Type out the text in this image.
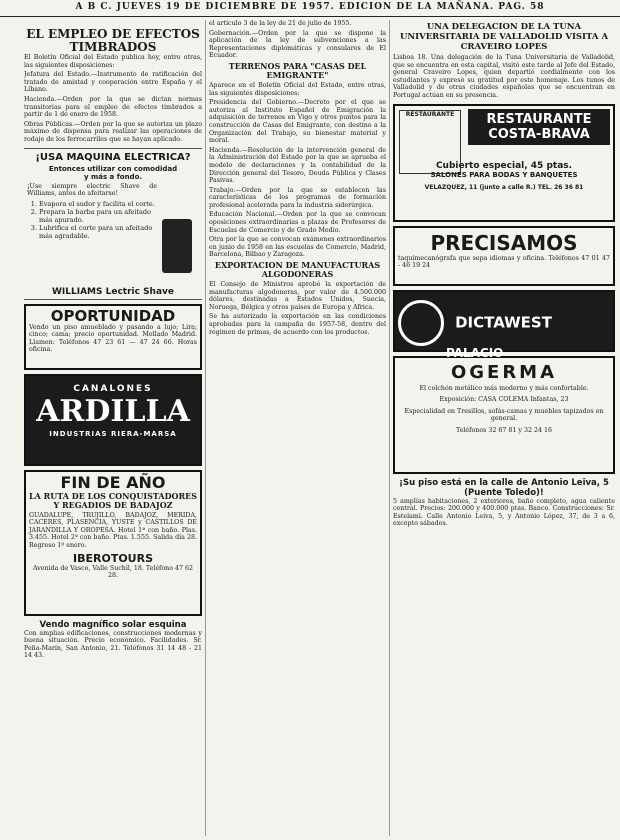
A B C. JUEVES 19 DE DICIEMBRE DE 1957. EDICION DE LA MAÑANA. PAG. 58
EL EMPLEO DE EFECTOS TIMBRADOS

El Boletín Oficial del Estado publica hoy, entre otras, las siguientes disposiciones:

Jefatura del Estado.—Instrumento de ratificación del tratado de amistad y cooperación entre España y el Líbano.

Hacienda.—Orden por la que se dictan normas transitorias para el empleo de efectos timbrados a partir de 1 de enero de 1958.

Obras Públicas.—Orden por la que se autoriza un plazo máximo de dispensa para realizar las operaciones de rodaje de los ferrocarriles que se hayan aplicado.

¡USA MAQUINA ELECTRICA?
Entonces utilizar con comodidad y más a fondo.

¡Use siempre electric Shave de Williams, antes de afeitarse!

1. Evapora el sudor y facilita el corte.
2. Prepara la barba para un afeitado más apurado.
3. Lubrifica el corte para un afeitado más agradable.
WILLIAMS Lectric Shave
OPORTUNIDAD

Vendo un piso amueblado y pasando a lujo; Lira; cinco; cama; precio oportunidad. Mellado Madrid. Llamen: Teléfonos 47 23 61 — 47 24 66. Horas oficina.

CANALONES
ARDILLA
INDUSTRIAS RIERA-MARSA
FIN DE AÑO
LA RUTA DE LOS CONQUISTADORES Y REGADIOS DE BADAJOZ

GUADALUPE, TRUJILLO, BADAJOZ, MERIDA, CACERES, PLASENCIA, YUSTE y CASTILLOS DE JARANDILLA Y OROPESA. Hotel 1ª con baño. Plas. 3.455. Hotel 2ª con baño. Ptas. 1.555. Salida día 28. Regreso 1º enero.

IBEROTOURS

Avenida de Vasco, Valle Suchil, 18. Teléfono 47 62 28.

Vendo magnífico solar esquina

Con amplias edificaciones, construcciones modernas y buena situación. Precio económico. Facilidades. Sr. Peña-Marín, San Antonio, 21. Teléfonos 31 14 48 - 21 14 43.

el artículo 3 de la ley de 21 de julio de 1955.

Gobernación.—Orden por la que se dispone la aplicación de la ley de subvenciones a las Representaciones diplomáticas y consulares de El Ecuador.

TERRENOS PARA "CASAS DEL EMIGRANTE"

Aparece en el Boletín Oficial del Estado, entre otras, las siguientes disposiciones:

Presidencia del Gobierno.—Decreto por el que se autoriza al Instituto Español de Emigración la adquisición de terrenos en Vigo y otros puntos para la construcción de Casas del Emigrante, con destino a la Organización del Trabajo, su bienestar material y moral.

Hacienda.—Resolución de la intervención general de la Administración del Estado por la que se aprueba el modelo de declaraciones y la contabilidad de la Dirección general del Tesoro, Deuda Pública y Clases Pasivas.

Trabajo.—Orden por la que se establecen las características de los programas de formación profesional acelerada para la industria siderúrgica.

Educación Nacional.—Orden por la que se convocan oposiciones extraordinarias a plazas de Profesores de Escuelas de Comercio y de Grado Medio.

Otra por la que se convocan exámenes extraordinarios en junio de 1958 en las escuelas de Comercio, Madrid, Barcelona, Bilbao y Zaragoza.

EXPORTACION DE MANUFACTURAS ALGODONERAS

El Consejo de Ministros aprobó la exportación de manufacturas algodoneras, por valor de 4.500.000 dólares, destinadas a Estados Unidos, Suecia, Noruega, Bélgica y otros países de Europa y Africa.

Se ha autorizado la exportación en las condiciones aprobadas para la campaña de 1957-58, dentro del régimen de primas, de acuerdo con los productos.

UNA DELEGACION DE LA TUNA UNIVERSITARIA DE VALLADOLID VISITA A CRAVEIRO LOPES

Lisboa 18. Una delegación de la Tuna Universitaria de Valladolid, que se encuentra en esta capital, visitó este tarde al Jefe del Estado, general Craveiro Lopes, quien departió cordialmente con los estudiantes y expresó su gratitud por este homenaje. Los tunos de Valladolid y de otras ciudades españolas que se encuentran en Portugal actúan en su presencia.

RESTAURANTE	RESTAURANTE COSTA-BRAVA
Cubierto especial, 45 ptas.
SALONES PARA BODAS Y BANQUETES
VELAZQUEZ, 11 (junto a calle R.) TEL. 26 36 81
PRECISAMOS

taquimecanógrafa que sepa idiomas y oficina. Teléfonos 47 01 47 - 46 19 24

DICTAWEST
PALACIO
OGERMA

El colchón metálico más moderno y más confortable.

Exposición: CASA COLEMA Infantas, 23

Especialidad en Tresillos, sofás-camas y muebles tapizados en general.

Teléfonos 32 67 81 y 32 24 16

¡Su piso está en la calle de Antonio Leiva, 5 (Puente Toledo)!

5 amplias habitaciones, 2 exteriores, baño completo, agua caliente central. Precios: 200.000 y 400.000 ptas. Banco. Construcciones: Sr. Estelami. Calle Antonio Leiva, 5, y Antonio López, 37, de 3 a 6, excepto sábados.
